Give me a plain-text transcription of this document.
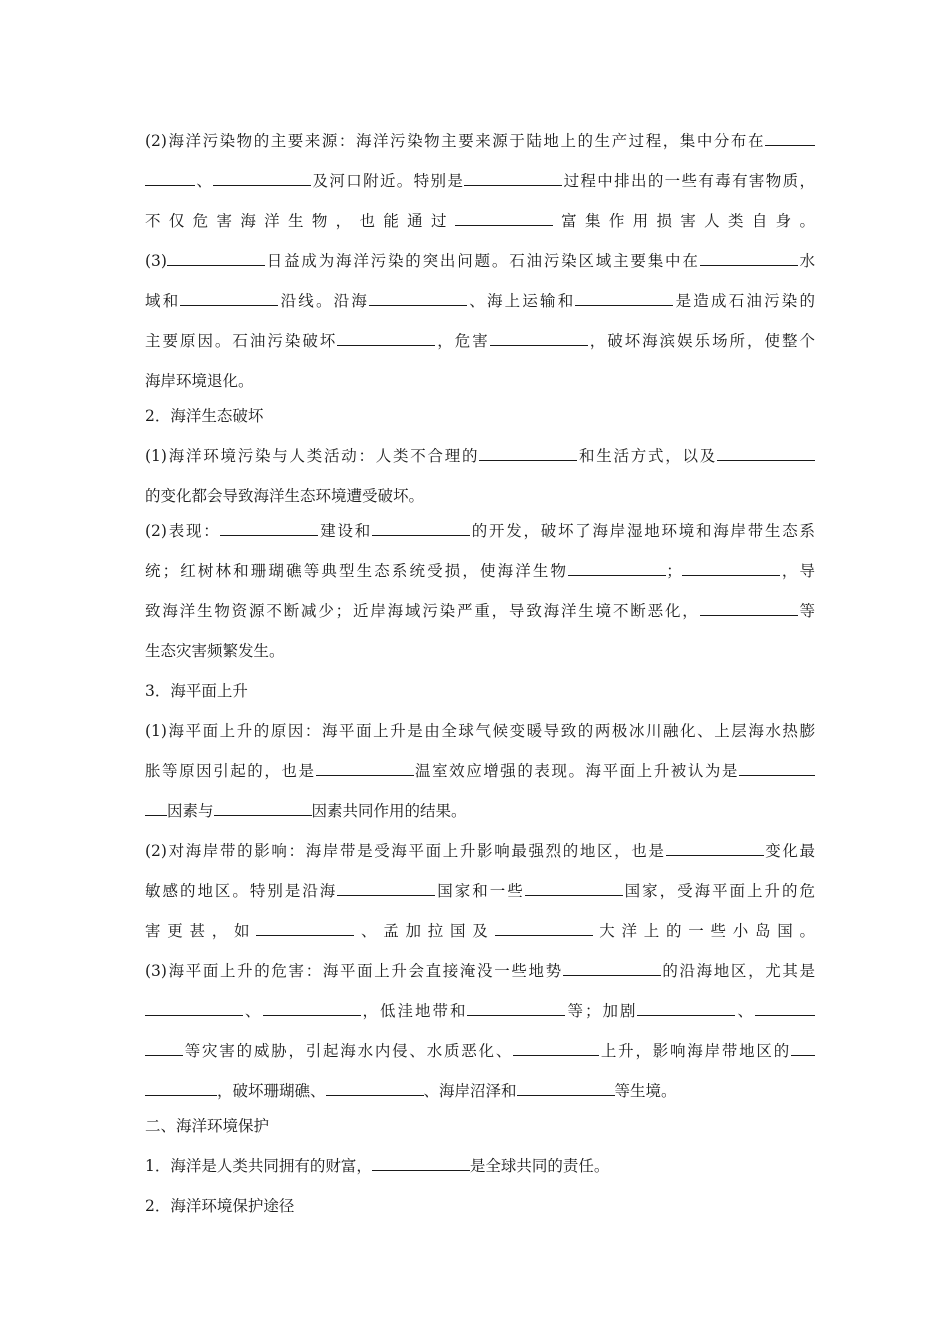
(2)海洋污染物的主要来源：海洋污染物主要来源于陆地上的生产过程，集中分布在
、	及河口附近。特别是	过程中排出的一些有毒有害物质，
不仅危害海洋生物，也能通过	富集作用损害人类自身。
(3)	日益成为海洋污染的突出问题。石油污染区域主要集中在	水
域和	沿线。沿海	、海上运输和	是造成石油污染的
主要原因。石油污染破坏	，危害	，破坏海滨娱乐场所，使整个
海岸环境退化。
2．海洋生态破坏
(1)海洋环境污染与人类活动：人类不合理的	和生活方式，以及
的变化都会导致海洋生态环境遭受破坏。
(2)表现：	建设和	的开发，破坏了海岸湿地环境和海岸带生态系
统；红树林和珊瑚礁等典型生态系统受损，使海洋生物	；	，导
致海洋生物资源不断减少；近岸海域污染严重，导致海洋生境不断恶化，	等
生态灾害频繁发生。
3．海平面上升
(1)海平面上升的原因：海平面上升是由全球气候变暖导致的两极冰川融化、上层海水热膨
胀等原因引起的，也是	温室效应增强的表现。海平面上升被认为是
因素与	因素共同作用的结果。
(2)对海岸带的影响：海岸带是受海平面上升影响最强烈的地区，也是	变化最
敏感的地区。特别是沿海	国家和一些	国家，受海平面上升的危
害更甚，如	、孟加拉国及	大洋上的一些小岛国。
(3)海平面上升的危害：海平面上升会直接淹没一些地势	的沿海地区，尤其是
、	，低洼地带和	等；加剧	、
等灾害的威胁，引起海水内侵、水质恶化、	上升，影响海岸带地区的
，破坏珊瑚礁、	、海岸沼泽和	等生境。
二、海洋环境保护
1．海洋是人类共同拥有的财富，	是全球共同的责任。
2．海洋环境保护途径
